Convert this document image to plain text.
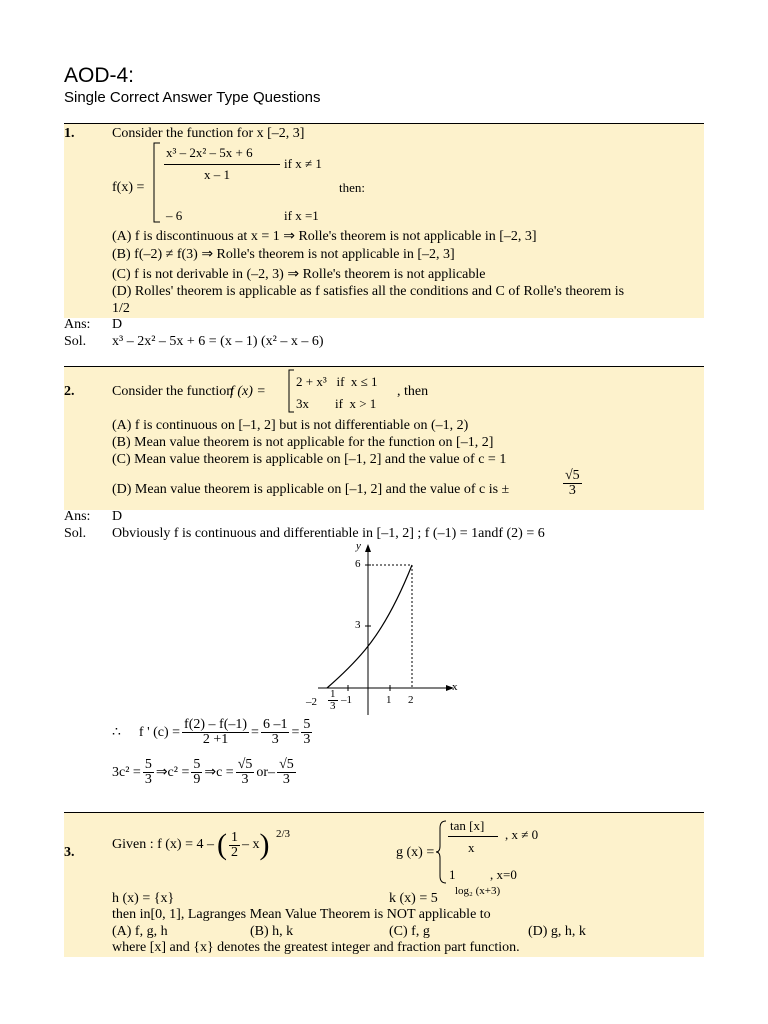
AOD-4:
Single Correct Answer Type Questions
1.	Consider the function for x [–2, 3]
f(x) =
x³ – 2x² – 5x + 6
x – 1
if x ≠ 1
then:
– 6	if x =1
(A) f is discontinuous at x = 1 ⇒ Rolle's theorem is not applicable in [–2, 3]
(B) f(–2) ≠ f(3) ⇒ Rolle's theorem is not applicable in [–2, 3]
(C) f is not derivable in (–2, 3) ⇒ Rolle's theorem is not applicable
(D) Rolles' theorem is applicable as f satisfies all the conditions and C of Rolle's theorem is
1/2
Ans: D
Sol. x³ – 2x² – 5x + 6 = (x – 1) (x² – x – 6)
2.	Consider the function
f (x) =
2 + x³   if  x ≤ 1
3x        if  x > 1
, then
(A) f is continuous on [–1, 2] but is not differentiable on (–1, 2)
(B) Mean value theorem is not applicable for the function on [–1, 2]
(C) Mean value theorem is applicable on [–1, 2] and the value of c = 1
(D) Mean value theorem is applicable on [–1, 2] and the value of c is ±	$\frac{√5}{3}$
Ans: D
Sol. Obviously f is continuous and differentiable in [–1, 2] ; f (–1) = 1andf (2) = 6
y
x
6
3
$-2 \frac{1}{3} -1$	1 2
∴ f ' $(c) = \frac{f(2) - f(-1)}{2 +1} = \frac{6 -1}{3} = \frac{5}{3}$
$3c^2 = \frac{5}{3}$ ⇒c² = $\frac{5}{9}$ ⇒c = $\frac{√5}{3} or- \frac{√5}{3}$
3.
Given : f (x) = 4 – ( $\frac{1}{2}$ – x ) 2/3
g (x) =
tan [x]
x
, x ≠ 0
1	, x=0
h (x) = {x}	k (x) = 5 log₂ (x+3)
then in[0, 1], Lagranges Mean Value Theorem is NOT applicable to
(A) f, g, h	(B) h, k	(C) f, g	(D) g, h, k
where [x] and {x} denotes the greatest integer and fraction part function.
